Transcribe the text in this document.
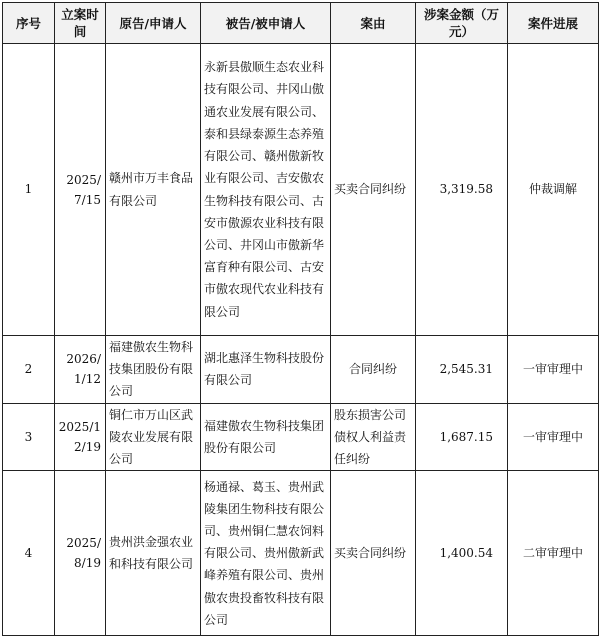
序号	立案时间	原告/申请人	被告/被申请人	案由	涉案金额（万元）	案件进展
1	2025/7/15	赣州市万丰食品有限公司	永新县傲顺生态农业科技有限公司、井冈山傲通农业发展有限公司、泰和县绿泰源生态养殖有限公司、赣州傲新牧业有限公司、吉安傲农生物科技有限公司、古安市傲源农业科技有限公司、井冈山市傲新华富育种有限公司、古安市傲农现代农业科技有限公司	买卖合同纠纷	3,319.58	仲裁调解
2	2026/1/12	福建傲农生物科技集团股份有限公司	湖北惠泽生物科技股份有限公司	合同纠纷	2,545.31	一审审理中
3	2025/12/19	铜仁市万山区武陵农业发展有限公司	福建傲农生物科技集团股份有限公司	股东损害公司债权人利益责任纠纷	1,687.15	一审审理中
4	2025/8/19	贵州洪金强农业和科技有限公司	杨通禄、葛玉、贵州武陵集团生物科技有限公司、贵州铜仁慧农饲料有限公司、贵州傲新武峰养殖有限公司、贵州傲农贵投畜牧科技有限公司	买卖合同纠纷	1,400.54	二审审理中
